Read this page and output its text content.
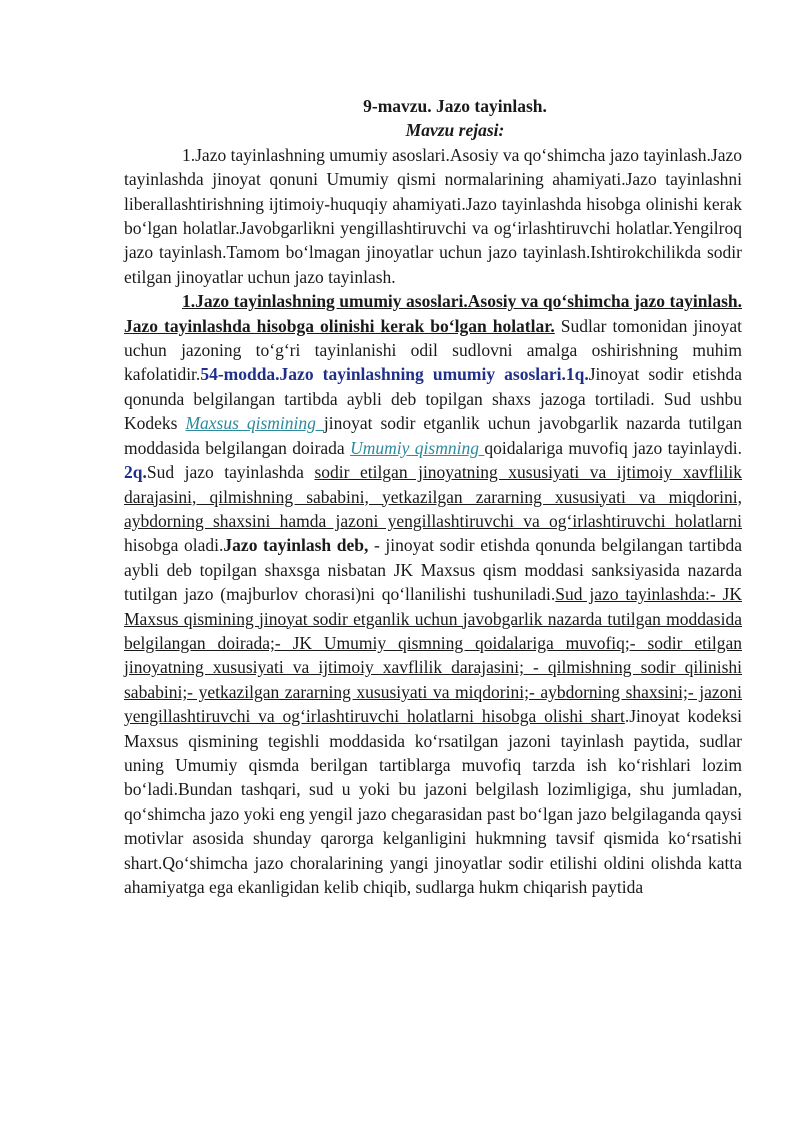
9-mavzu. Jazo tayinlash.

Mavzu rejasi:

1.Jazo tayinlashning umumiy asoslari.Asosiy va qo‘shimcha jazo tayinlash.Jazo tayinlashda jinoyat qonuni Umumiy qismi normalarining ahamiyati.Jazo tayinlashni liberallashtirishning ijtimoiy-huquqiy ahamiyati.Jazo tayinlashda hisobga olinishi kerak bo‘lgan holatlar.Javobgarlikni yengillashtiruvchi va og‘irlashtiruvchi holatlar.Yengilroq jazo tayinlash.Tamom bo‘lmagan jinoyatlar uchun jazo tayinlash.Ishtirokchilikda sodir etilgan jinoyatlar uchun jazo tayinlash.

1.Jazo tayinlashning umumiy asoslari.Asosiy va qo‘shimcha jazo tayinlash. Jazo tayinlashda hisobga olinishi kerak bo‘lgan holatlar. Sudlar tomonidan jinoyat uchun jazoning to‘g‘ri tayinlanishi odil sudlovni amalga oshirishning muhim kafolatidir.54-modda.Jazo tayinlashning umumiy asoslari.1q.Jinoyat sodir etishda qonunda belgilangan tartibda aybli deb topilgan shaxs jazoga tortiladi. Sud ushbu Kodeks Maxsus qismining jinoyat sodir etganlik uchun javobgarlik nazarda tutilgan moddasida belgilangan doirada Umumiy qismning qoidalariga muvofiq jazo tayinlaydi. 2q.Sud jazo tayinlashda sodir etilgan jinoyatning xususiyati va ijtimoiy xavflilik darajasini, qilmishning sababini, yetkazilgan zararning xususiyati va miqdorini, aybdorning shaxsini hamda jazoni yengillashtiruvchi va og‘irlashtiruvchi holatlarni hisobga oladi.Jazo tayinlash deb, - jinoyat sodir etishda qonunda belgilangan tartibda aybli deb topilgan shaxsga nisbatan JK Maxsus qism moddasi sanksiyasida nazarda tutilgan jazo (majburlov chorasi)ni qo‘llanilishi tushuniladi.Sud jazo tayinlashda:- JK Maxsus qismining jinoyat sodir etganlik uchun javobgarlik nazarda tutilgan moddasida belgilangan doirada;- JK Umumiy qismning qoidalariga muvofiq;- sodir etilgan jinoyatning xususiyati va ijtimoiy xavflilik darajasini; - qilmishning sodir qilinishi sababini;- yetkazilgan zararning xususiyati va miqdorini;- aybdorning shaxsini;- jazoni yengillashtiruvchi va og‘irlashtiruvchi holatlarni hisobga olishi shart.Jinoyat kodeksi Maxsus qismining tegishli moddasida ko‘rsatilgan jazoni tayinlash paytida, sudlar uning Umumiy qismda berilgan tartiblarga muvofiq tarzda ish ko‘rishlari lozim bo‘ladi.Bundan tashqari, sud u yoki bu jazoni belgilash lozimligiga, shu jumladan, qo‘shimcha jazo yoki eng yengil jazo chegarasidan past bo‘lgan jazo belgilaganda qaysi motivlar asosida shunday qarorga kelganligini hukmning tavsif qismida ko‘rsatishi shart.Qo‘shimcha jazo choralarining yangi jinoyatlar sodir etilishi oldini olishda katta ahamiyatga ega ekanligidan kelib chiqib, sudlarga hukm chiqarish paytida
